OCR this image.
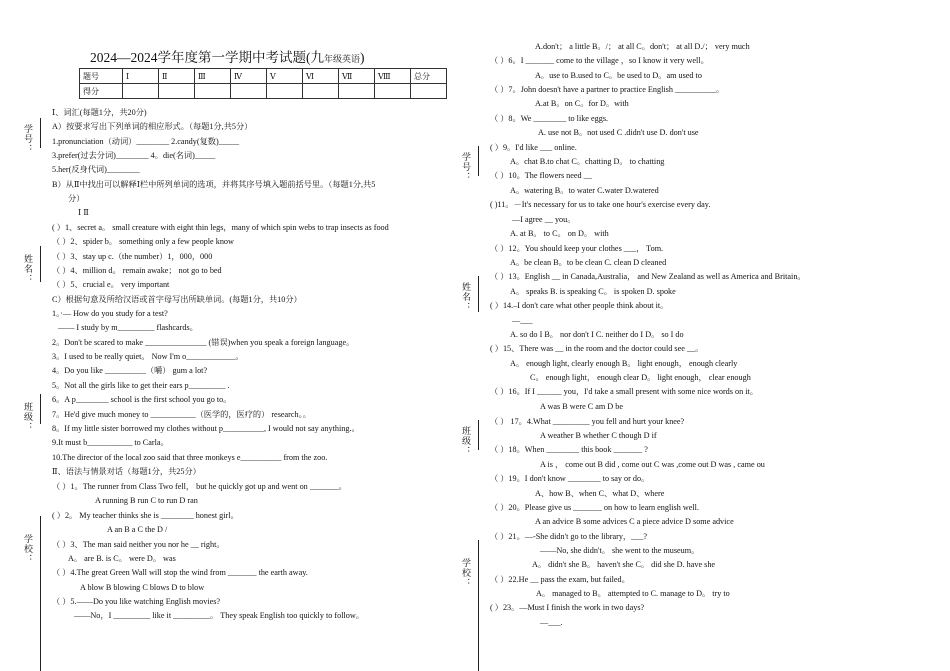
学号：
姓名：
班级：
学校：
学号：
姓名：
班级：
学校：
2024—2024学年度第一学期中考试题(九年级英语)
题号	Ⅰ	Ⅱ	Ⅲ	Ⅳ	Ⅴ	Ⅵ	Ⅶ	Ⅷ	总分
得分									
Ⅰ、词汇(每题1分，共20分)
A）按要求写出下列单词的相应形式。（每题1分,共5分）
1.pronunciation（动词）________ 2.candy(复数)_____
3.prefer(过去分词)________ 4。die(名词)_____
5.her(反身代词)________
B）从Ⅱ中找出可以解释Ⅰ栏中所列单词的选项，并将其序号填入题前括号里。（每题1分,共5
分）
Ⅰ Ⅱ
( ）1、secret a。 small creature with eight thin legs，many of which spin webs to trap insects as food
（ ）2、spider b。 something only a few people know
（ ）3、stay up c.（the number）1，000，000
（ ）4、million d。 remain awake； not go to bed
（ ）5、crucial e。 very important
C）根据句意及所给汉语或首字母写出所缺单词。(每题1分，共10分）
1。·— How do you study for a test?
—— I study by m_________ flashcards。
2。Don't be scared to make _______________ (错误)when you speak a foreign language。
3。I used to be really quiet。 Now I'm o____________。
4。Do you like __________（嚼） gum a lot?
5。Not all the girls like to get their ears p_________ .
6。A p________ school is the first school you go to。
7。He'd give much money to ___________（医学的，医疗的） research。。
8。If my little sister borrowed my clothes without p__________, I would not say anything.。
9.It must b___________ to Carla。
10.The director of the local zoo said that three monkeys e__________ from the zoo.
Ⅱ、语法与情景对话（每题1分，共25分）
（ ）1。The runner from Class Two fell， but he quickly got up and went on _______。
A running B run C to run D ran
( ）2。 My teacher thinks she is ________ honest girl。
A an B a C the D /
（ ）3、The man said neither you nor he __ right。
A。 are B. is C。 were D。 was
（ ）4.The great Green Wall will stop the wind from _______ the earth away.
A blow B blowing C blows D to blow
（ ）5.——Do you like watching English movies?
——No，I _________ like it _________。 They speak English too quickly to follow。
A.don't； a little B。/； at all C。don't； at all D./； very much
（ ）6。I _______ come to the village ，so I know it very well。
A。use to B.used to C。be used to D。am used to
（ ）7。John doesn't have a partner to practice English __________。
A.at B。on C。for D。with
（ ）8。We ________ to like eggs.
A. use not B。not used C .didn't use D. don't use
( ）9。I'd like ___ online.
A。chat B.to chat C。chatting D。 to chatting
（ ）10。The flowers need __
A。watering B。to water C.water D.watered
( )11。－It's necessary for us to take one hour's exercise every day.
—I agree __ you。
A. at B。 to C。 on D。 with
（ ）12。You should keep your clothes ___， Tom.
A。be clean B。to be clean C. clean D cleaned
（ ）13。English __ in Canada,Australia， and New Zealand as well as America and Britain。
A。 speaks B. is speaking C。 is spoken D. spoke
( ）14.–I don't care what other people think about it。
—___
A. so do I B。 nor don't I C. neither do I D。 so I do
( ）15、There was __ in the room and the doctor could see __。
A。 enough light, clearly enough B。 light enough， enough clearly
C。 enough light， enough clear D。 light enough， clear enough
（ ）16。If I ______ you，I'd take a small present with some nice words on it。
A was B were C am D be
（ ） 17。4.What _________ you fell and hurt your knee?
A weather B whether C though D if
（ ）18。When ________ this book _______ ?
A is ， come out B did , come out C was ,come out D was , came ou
（ ）19。I don't know ________ to say or do。
A、how B、when C、what D、where
（ ）20。Please give us _______ on how to learn english well.
A an advice B some advices C a piece advice D some advice
（ ）21。—-She didn't go to the library，___?
——No, she didn't。 she went to the museum。
A。 didn't she B。 haven't she C。 did she D. have she
（ ）22.He __ pass the exam, but failed。
A。 managed to B。 attempted to C. manage to D。 try to
( ）23。—Must I finish the work in two days?
—___.
